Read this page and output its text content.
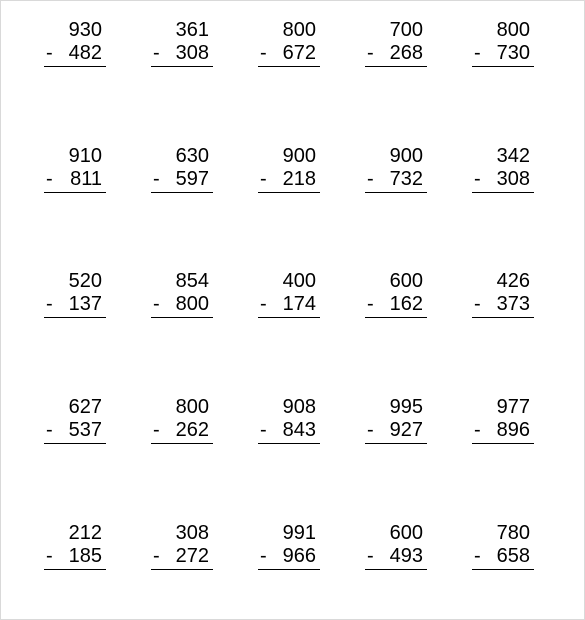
930
- 482
361
- 308
800
- 672
700
- 268
800
- 730
910
- 811
630
- 597
900
- 218
900
- 732
342
- 308
520
- 137
854
- 800
400
- 174
600
- 162
426
- 373
627
- 537
800
- 262
908
- 843
995
- 927
977
- 896
212
- 185
308
- 272
991
- 966
600
- 493
780
- 658
